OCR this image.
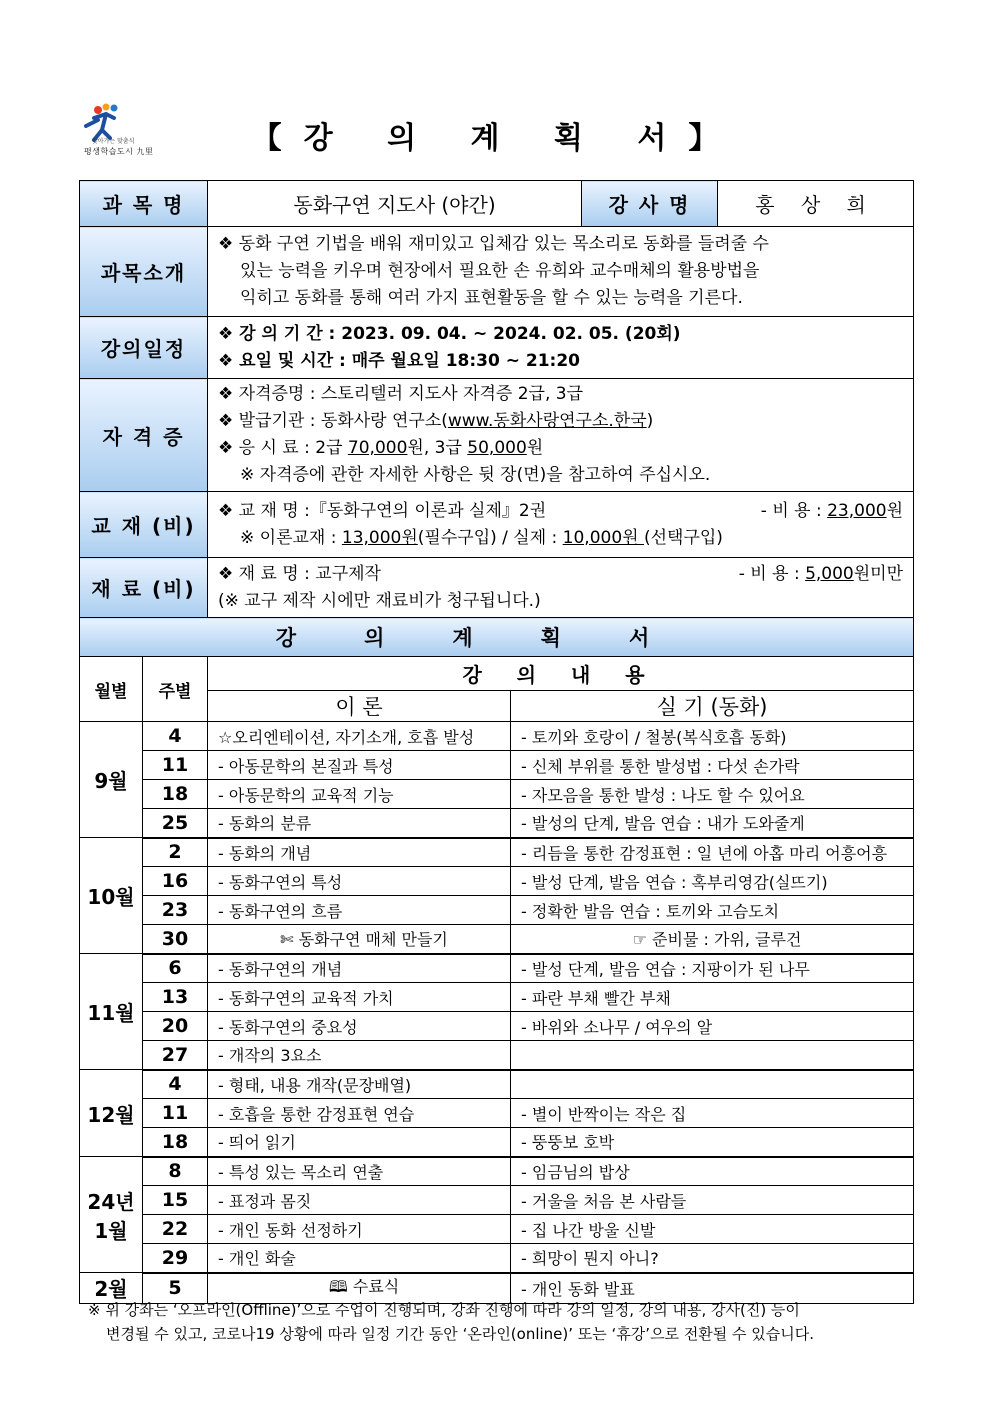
찾아가는 맞춤식
평생학습도시 九里	【강 의 계 획 서】
과 목 명		동화구연 지도사 (야간)		강 사 명	홍 상 희
과목소개		❖ 동화 구연 기법을 배워 재미있고 입체감 있는 목소리로 동화를 들려줄 수
있는 능력을 키우며 현장에서 필요한 손 유희와 교수매체의 활용방법을
익히고 동화를 통해 여러 가지 표현활동을 할 수 있는 능력을 기른다.			

강의일정		❖ 강 의 기 간 : 2023. 09. 04. ~ 2024. 02. 05. (20회)
❖ 요일 및 시간 : 매주 월요일 18:30 ~ 21:20			

자 격 증		❖ 자격증명 : 스토리텔러 지도사 자격증 2급, 3급
❖ 발급기관 : 동화사랑 연구소(www.동화사랑연구소.한국)
❖ 응 시 료 : 2급 70,000원, 3급 50,000원
※ 자격증에 관한 자세한 사항은 뒷 장(면)을 참고하여 주십시오.			

교 재 (비)		❖ 교 재 명 :『동화구연의 이론과 실제』2권 - 비 용 : 23,000원
※ 이론교재 : 13,000원(필수구입) / 실제 : 10,000원 (선택구입)			

재 료 (비)		❖ 재 료 명 : 교구제작 - 비 용 : 5,000원미만
(※ 교구 제작 시에만 재료비가 청구됩니다.)			

강의계획서					
월별	주별	강 의 내 용			
		이 론	실 기 (동화)		
9월	4	☆오리엔테이션, 자기소개, 호흡 발성	- 토끼와 호랑이 / 철봉(복식호흡 동화)		
	11	- 아동문학의 본질과 특성	- 신체 부위를 통한 발성법 : 다섯 손가락		
	18	- 아동문학의 교육적 기능	- 자모음을 통한 발성 : 나도 할 수 있어요		
	25	- 동화의 분류	- 발성의 단계, 발음 연습 : 내가 도와줄게		
10월	2	- 동화의 개념	- 리듬을 통한 감정표현 : 일 년에 아홉 마리 어흥어흥		
	16	- 동화구연의 특성	- 발성 단계, 발음 연습 : 혹부리영감(실뜨기)		
	23	- 동화구연의 흐름	- 정확한 발음 연습 : 토끼와 고슴도치		
	30	✄ 동화구연 매체 만들기	☞ 준비물 : 가위, 글루건		
11월	6	- 동화구연의 개념	- 발성 단계, 발음 연습 : 지팡이가 된 나무		
	13	- 동화구연의 교육적 가치	- 파란 부채 빨간 부채		
	20	- 동화구연의 중요성	- 바위와 소나무 / 여우의 알		
	27	- 개작의 3요소			
12월	4	- 형태, 내용 개작(문장배열)			
	11	- 호흡을 통한 감정표현 연습	- 별이 반짝이는 작은 집		
	18	- 띄어 읽기	- 뚱뚱보 호박		
24년
1월	8	- 특성 있는 목소리 연출	- 임금님의 밥상		
	15	- 표정과 몸짓	- 거울을 처음 본 사람들		
	22	- 개인 동화 선정하기	- 집 나간 방울 신발		
	29	- 개인 화술	- 희망이 뭔지 아니?		
2월	5	🕮 수료식	- 개인 동화 발표		
※ 위 강좌는 ‘오프라인(Offline)’으로 수업이 진행되며, 강좌 진행에 따라 강의 일정, 강의 내용, 강사(진) 등이
변경될 수 있고, 코로나19 상황에 따라 일정 기간 동안 ‘온라인(online)’ 또는 ‘휴강’으로 전환될 수 있습니다.
